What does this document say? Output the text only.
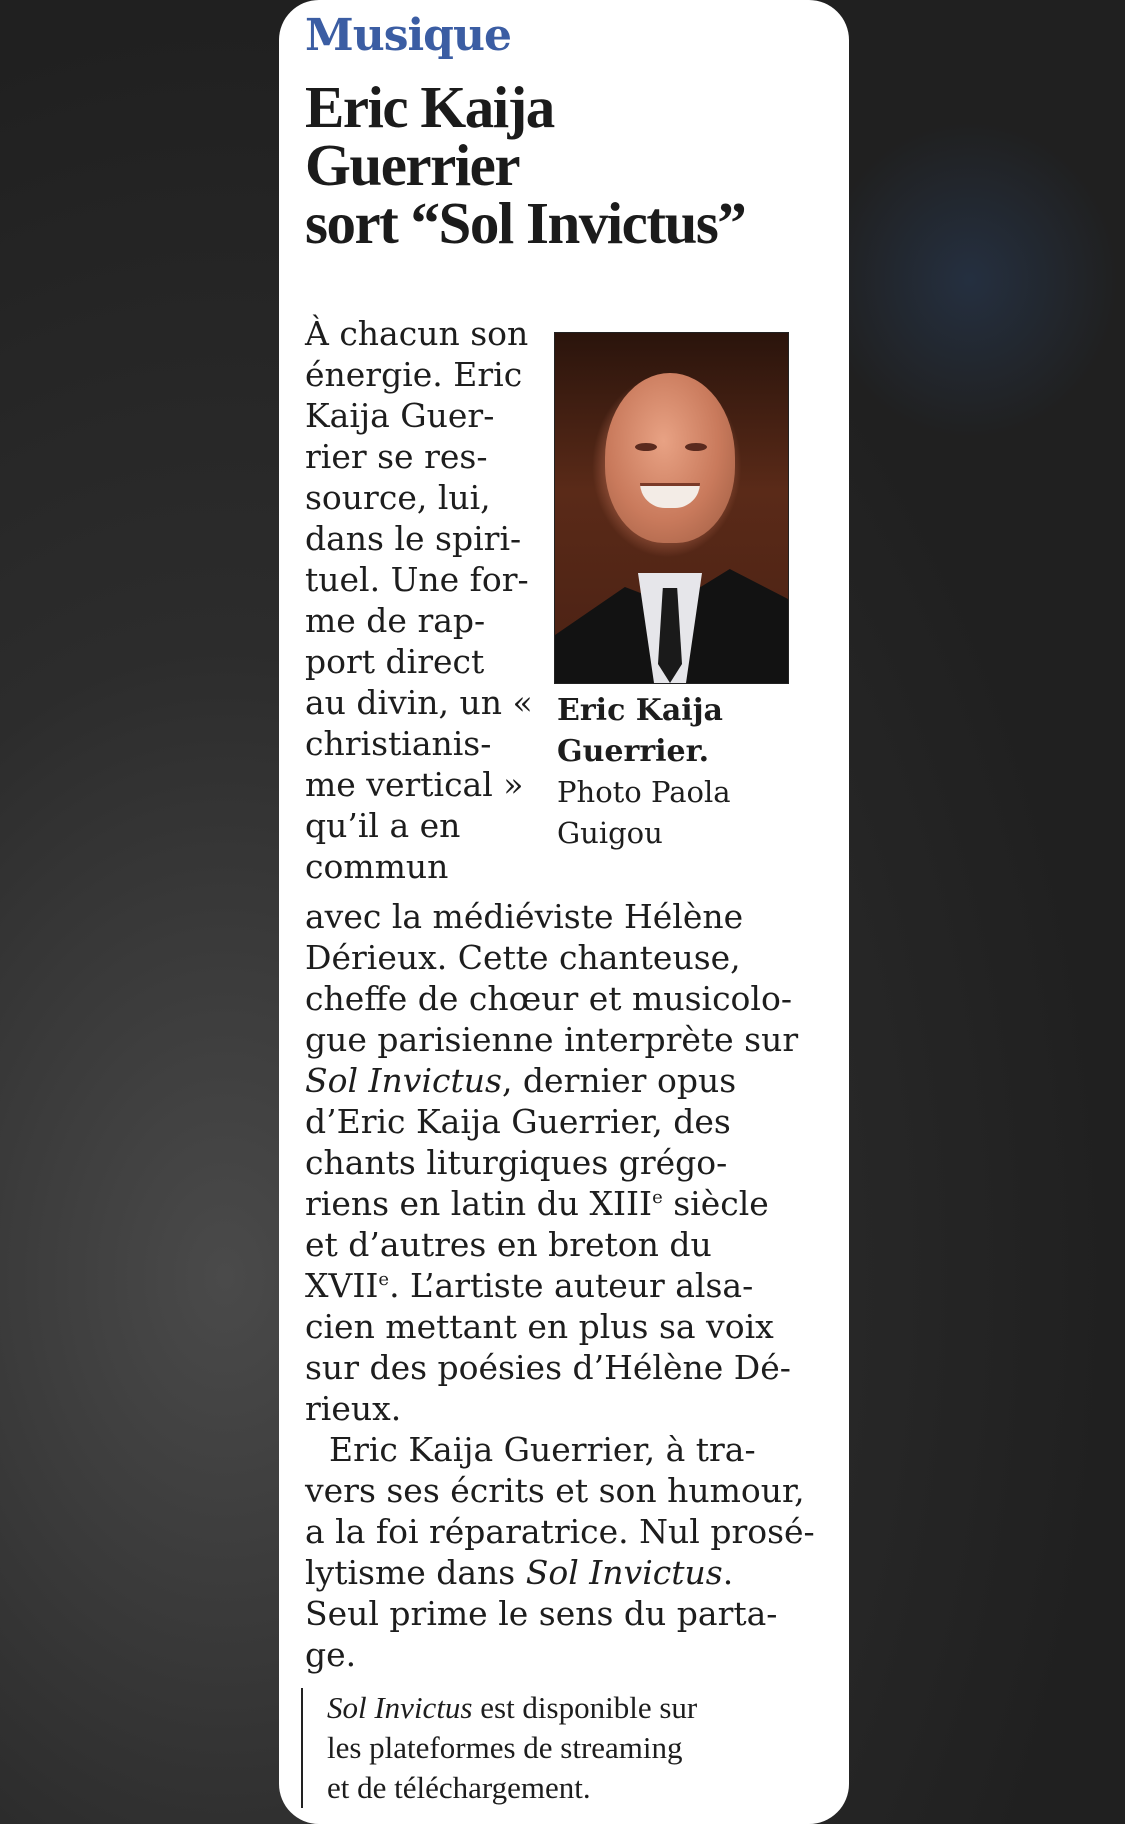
Musique
Eric Kaija
Guerrier
sort “Sol Invictus”
À chacun son
énergie. Eric
Kaija Guer-
rier se res-
source, lui,
dans le spiri-
tuel. Une for-
me de rap-
port direct
au divin, un «
christianis-
me vertical »
qu’il a en
commun
Eric Kaija
Guerrier.
Photo Paola
Guigou
avec la médiéviste Hélène
Dérieux. Cette chanteuse,
cheffe de chœur et musicolo-
gue parisienne interprète sur
Sol Invictus, dernier opus
d’Eric Kaija Guerrier, des
chants liturgiques grégo-
riens en latin du XIIIe siècle
et d’autres en breton du
XVIIe. L’artiste auteur alsa-
cien mettant en plus sa voix
sur des poésies d’Hélène Dé-
rieux.
Eric Kaija Guerrier, à tra-
vers ses écrits et son humour,
a la foi réparatrice. Nul prosé-
lytisme dans Sol Invictus .
Seul prime le sens du parta-
ge.
Sol Invictus est disponible sur
les plateformes de streaming
et de téléchargement.
